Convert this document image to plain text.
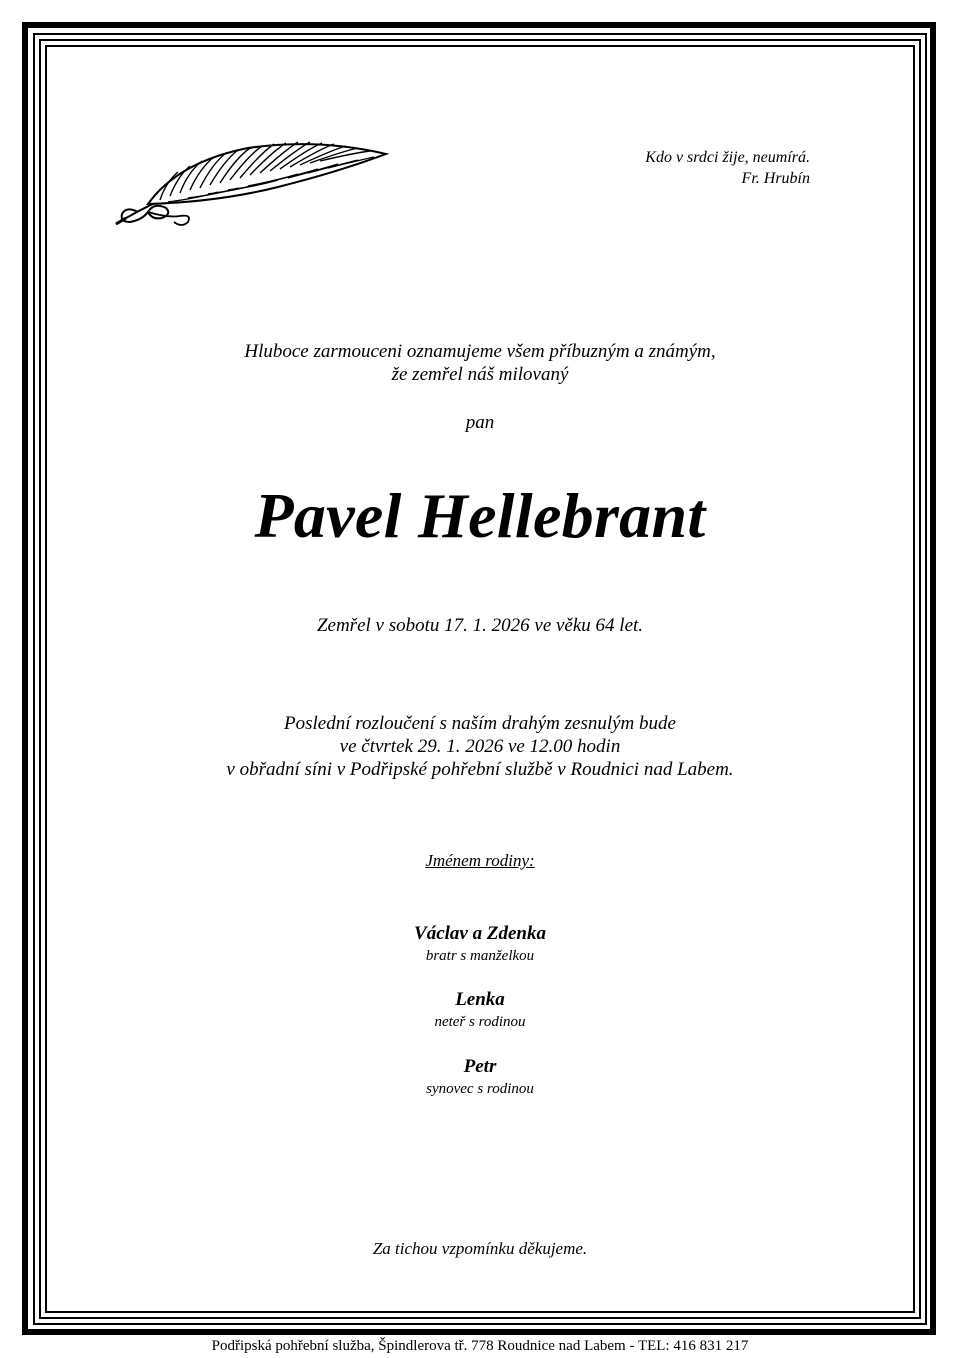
Kdo v srdci žije, neumírá.
Fr. Hrubín
Hluboce zarmouceni oznamujeme všem příbuzným a známým,
že zemřel náš milovaný
pan
Pavel Hellebrant
Zemřel v sobotu 17. 1. 2026 ve věku 64 let.
Poslední rozloučení s naším drahým zesnulým bude
ve čtvrtek 29. 1. 2026 ve 12.00 hodin
v obřadní síni v Podřipské pohřební službě v Roudnici nad Labem.
Jménem rodiny:
Václav a Zdenka
bratr s manželkou
Lenka
neteř s rodinou
Petr
synovec s rodinou
Za tichou vzpomínku děkujeme.
Podřipská pohřební služba, Špindlerova tř. 778 Roudnice nad Labem - TEL: 416 831 217
